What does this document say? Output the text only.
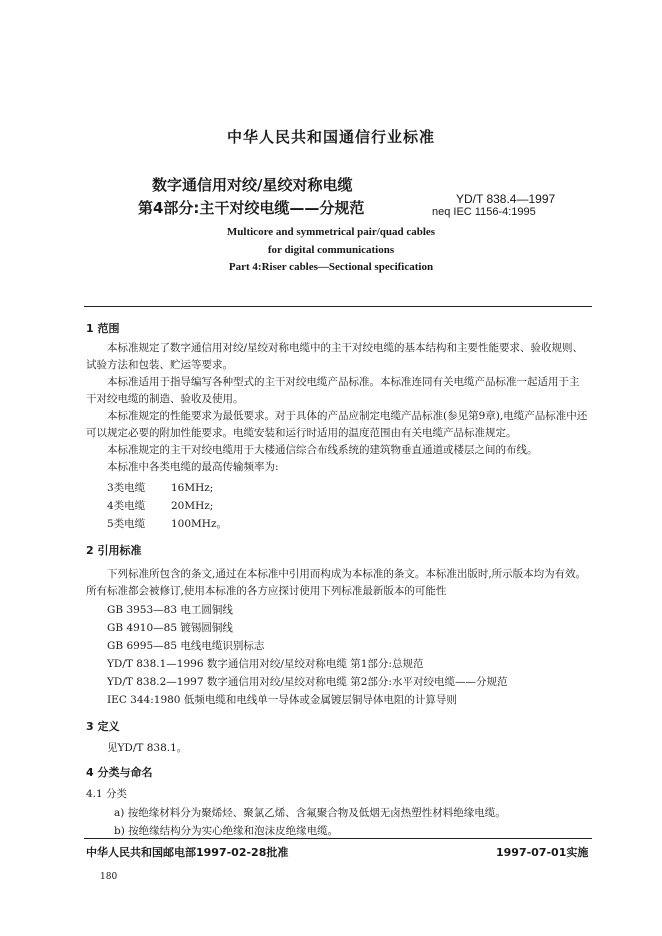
中华人民共和国通信行业标准
数字通信用对绞/星绞对称电缆
第4部分:主干对绞电缆——分规范	YD/T 838.4—1997
neq IEC 1156-4:1995
Multicore and symmetrical pair/quad cables
for digital communications
Part 4:Riser cables—Sectional specification
1 范围
本标准规定了数字通信用对绞/星绞对称电缆中的主干对绞电缆的基本结构和主要性能要求、验收规则、试验方法和包装、贮运等要求。
本标准适用于指导编写各种型式的主干对绞电缆产品标准。本标准连同有关电缆产品标准一起适用于主干对绞电缆的制造、验收及使用。
本标准规定的性能要求为最低要求。对于具体的产品应制定电缆产品标准(参见第9章),电缆产品标准中还可以规定必要的附加性能要求。电缆安装和运行时适用的温度范围由有关电缆产品标准规定。
本标准规定的主干对绞电缆用于大楼通信综合布线系统的建筑物垂直通道或楼层之间的布线。
本标准中各类电缆的最高传输频率为:
3类电缆 16MHz;
4类电缆 20MHz;
5类电缆 100MHz。
2 引用标准
下列标准所包含的条文,通过在本标准中引用而构成为本标准的条文。本标准出版时,所示版本均为有效。所有标准都会被修订,使用本标准的各方应探讨使用下列标准最新版本的可能性
GB 3953—83 电工圆铜线
GB 4910—85 镀锡圆铜线
GB 6995—85 电线电缆识别标志
YD/T 838.1—1996 数字通信用对绞/星绞对称电缆 第1部分:总规范
YD/T 838.2—1997 数字通信用对绞/星绞对称电缆 第2部分:水平对绞电缆——分规范
IEC 344:1980 低频电缆和电线单一导体或金属镀层铜导体电阻的计算导则
3 定义
见YD/T 838.1。
4 分类与命名
4.1 分类
a) 按绝缘材料分为聚烯烃、聚氯乙烯、含氟聚合物及低烟无卤热塑性材料绝缘电缆。
b) 按绝缘结构分为实心绝缘和泡沫皮绝缘电缆。
中华人民共和国邮电部1997-02-28批准	1997-07-01实施
180
